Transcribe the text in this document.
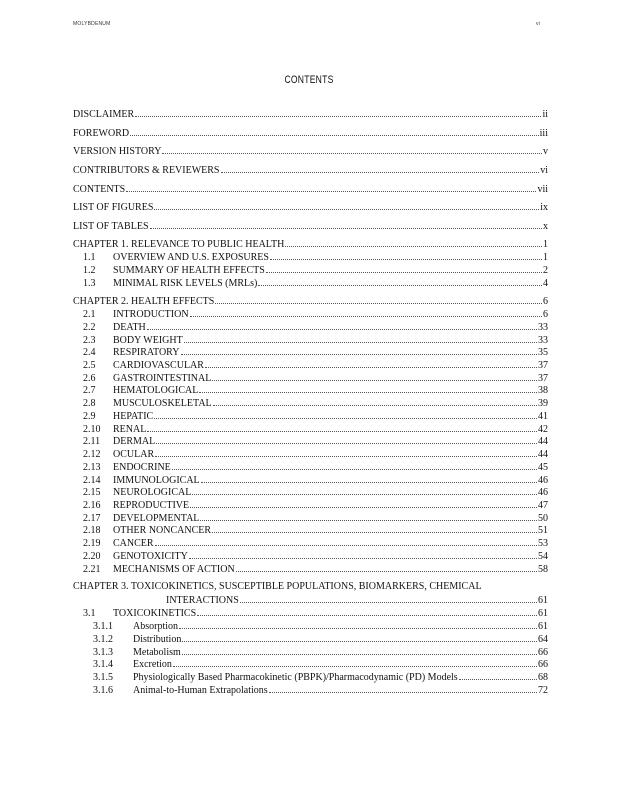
MOLYBDENUM	vi
CONTENTS
DISCLAIMER	ii
FOREWORD	iii
VERSION HISTORY	v
CONTRIBUTORS & REVIEWERS	vi
CONTENTS	vii
LIST OF FIGURES	ix
LIST OF TABLES	x
CHAPTER 1. RELEVANCE TO PUBLIC HEALTH	1
1.1	OVERVIEW AND U.S. EXPOSURES	1
1.2	SUMMARY OF HEALTH EFFECTS	2
1.3	MINIMAL RISK LEVELS (MRLs)	4
CHAPTER 2. HEALTH EFFECTS	6
2.1	INTRODUCTION	6
2.2	DEATH	33
2.3	BODY WEIGHT	33
2.4	RESPIRATORY	35
2.5	CARDIOVASCULAR	37
2.6	GASTROINTESTINAL	37
2.7	HEMATOLOGICAL	38
2.8	MUSCULOSKELETAL	39
2.9	HEPATIC	41
2.10	RENAL	42
2.11	DERMAL	44
2.12	OCULAR	44
2.13	ENDOCRINE	45
2.14	IMMUNOLOGICAL	46
2.15	NEUROLOGICAL	46
2.16	REPRODUCTIVE	47
2.17	DEVELOPMENTAL	50
2.18	OTHER NONCANCER	51
2.19	CANCER	53
2.20	GENOTOXICITY	54
2.21	MECHANISMS OF ACTION	58
CHAPTER 3. TOXICOKINETICS, SUSCEPTIBLE POPULATIONS, BIOMARKERS, CHEMICAL
INTERACTIONS	61
3.1	TOXICOKINETICS	61
3.1.1	Absorption	61
3.1.2	Distribution	64
3.1.3	Metabolism	66
3.1.4	Excretion	66
3.1.5	Physiologically Based Pharmacokinetic (PBPK)/Pharmacodynamic (PD) Models	68
3.1.6	Animal-to-Human Extrapolations	72
